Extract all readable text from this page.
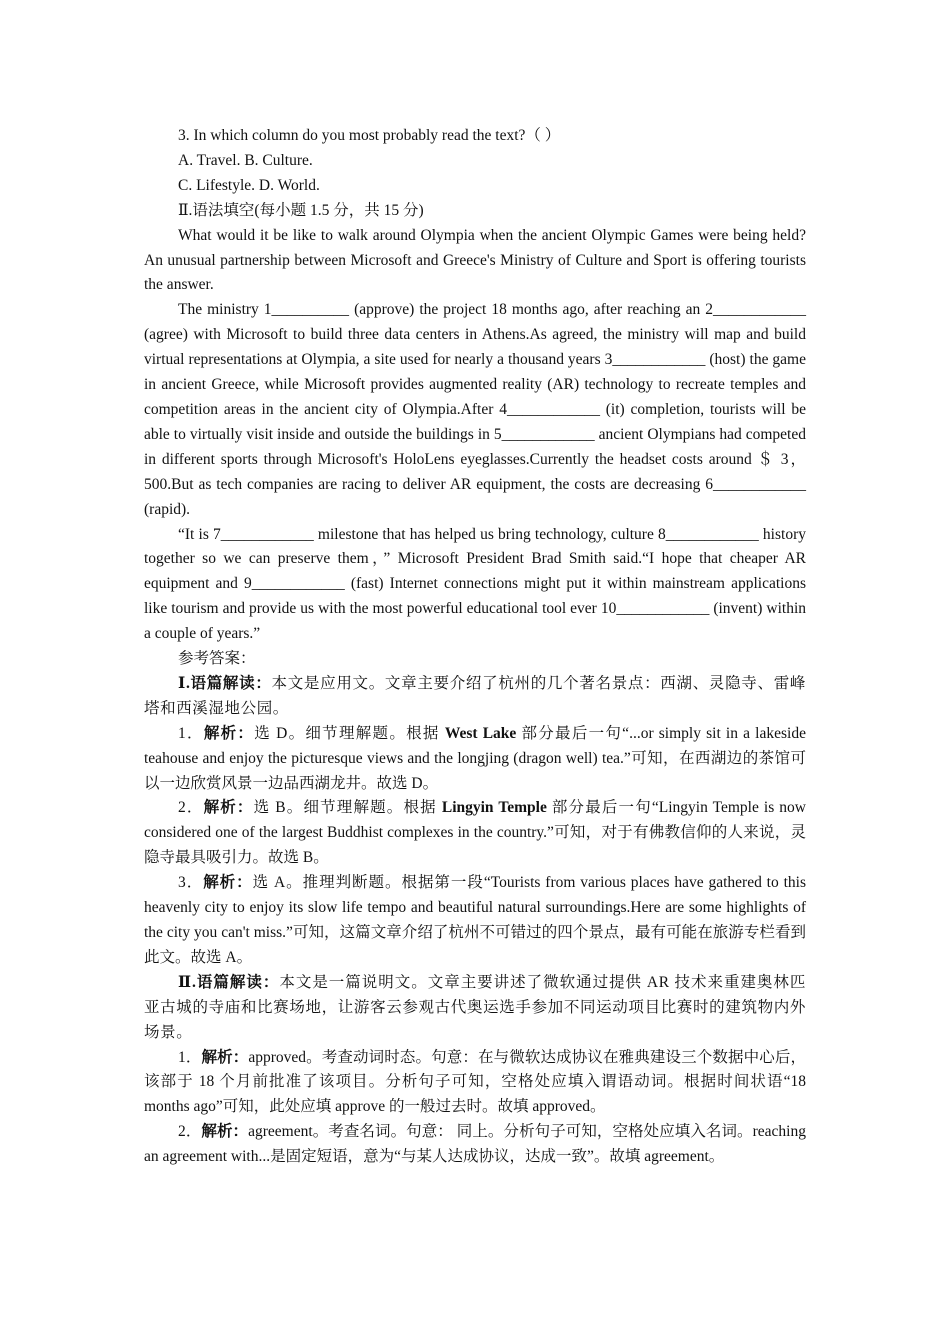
3. In which column do you most probably read the text?（ ）

A. Travel. B. Culture.

C. Lifestyle. D. World.

Ⅱ.语法填空(每小题 1.5 分，共 15 分)

What would it be like to walk around Olympia when the ancient Olympic Games were being held? An unusual partnership between Microsoft and Greece's Ministry of Culture and Sport is offering tourists the answer.

The ministry 1__________ (approve) the project 18 months ago, after reaching an 2____________ (agree) with Microsoft to build three data centers in Athens.As agreed, the ministry will map and build virtual representations at Olympia, a site used for nearly a thousand years 3____________ (host) the game in ancient Greece, while Microsoft provides augmented reality (AR) technology to recreate temples and competition areas in the ancient city of Olympia.After 4____________ (it) completion, tourists will be able to virtually visit inside and outside the buildings in 5____________ ancient Olympians had competed in different sports through Microsoft's HoloLens eyeglasses.Currently the headset costs around ＄ 3，500.But as tech companies are racing to deliver AR equipment, the costs are decreasing 6____________ (rapid).

“It is 7____________ milestone that has helped us bring technology, culture 8____________ history together so we can preserve them，” Microsoft President Brad Smith said.“I hope that cheaper AR equipment and 9____________ (fast) Internet connections might put it within mainstream applications like tourism and provide us with the most powerful educational tool ever 10____________ (invent) within a couple of years.”

参考答案：

Ⅰ.语篇解读：本文是应用文。文章主要介绍了杭州的几个著名景点：西湖、灵隐寺、雷峰塔和西溪湿地公园。

1．解析：选 D。细节理解题。根据 West Lake 部分最后一句“...or simply sit in a lakeside teahouse and enjoy the picturesque views and the longjing (dragon well) tea.”可知，在西湖边的茶馆可以一边欣赏风景一边品西湖龙井。故选 D。

2．解析：选 B。细节理解题。根据 Lingyin Temple 部分最后一句“Lingyin Temple is now considered one of the largest Buddhist complexes in the country.”可知，对于有佛教信仰的人来说，灵隐寺最具吸引力。故选 B。

3．解析：选 A。推理判断题。根据第一段“Tourists from various places have gathered to this heavenly city to enjoy its slow life tempo and beautiful natural surroundings.Here are some highlights of the city you can't miss.”可知，这篇文章介绍了杭州不可错过的四个景点，最有可能在旅游专栏看到此文。故选 A。

Ⅱ.语篇解读：本文是一篇说明文。文章主要讲述了微软通过提供 AR 技术来重建奥林匹亚古城的寺庙和比赛场地，让游客云参观古代奥运选手参加不同运动项目比赛时的建筑物内外场景。

1．解析：approved。考查动词时态。句意：在与微软达成协议在雅典建设三个数据中心后，该部于 18 个月前批准了该项目。分析句子可知，空格处应填入谓语动词。根据时间状语“18 months ago”可知，此处应填 approve 的一般过去时。故填 approved。

2．解析：agreement。考查名词。句意： 同上。分析句子可知，空格处应填入名词。reaching an agreement with...是固定短语，意为“与某人达成协议，达成一致”。故填 agreement。
